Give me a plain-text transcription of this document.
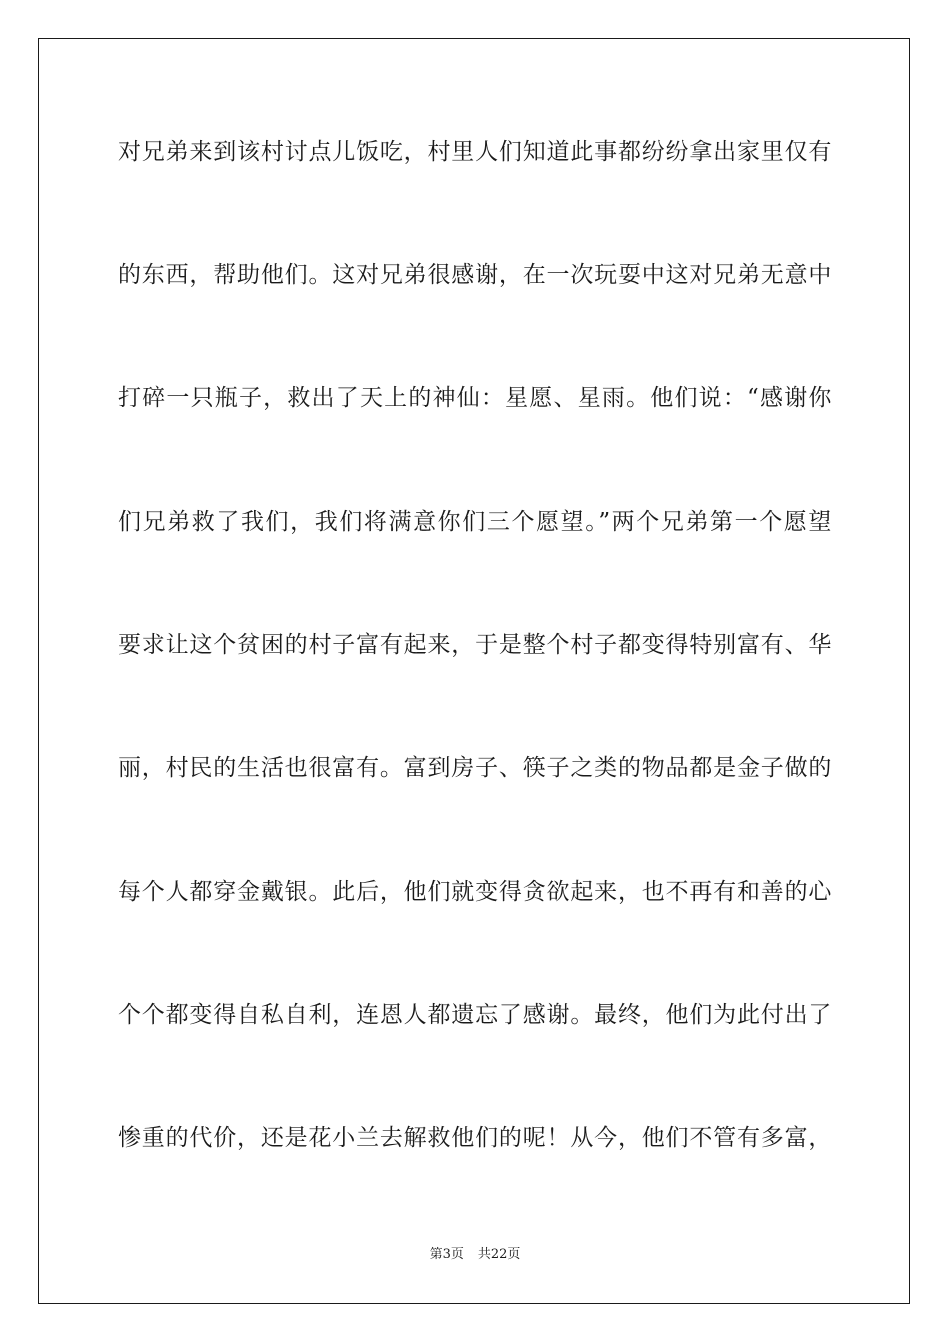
对兄弟来到该村讨点儿饭吃，村里人们知道此事都纷纷拿出家里仅有
的东西，帮助他们。这对兄弟很感谢，在一次玩耍中这对兄弟无意中
打碎一只瓶子，救出了天上的神仙：星愿、星雨。他们说：“感谢你
们兄弟救了我们，我们将满意你们三个愿望。”两个兄弟第一个愿望
要求让这个贫困的村子富有起来，于是整个村子都变得特别富有、华
丽，村民的生活也很富有。富到房子、筷子之类的物品都是金子做的
每个人都穿金戴银。此后，他们就变得贪欲起来，也不再有和善的心
个个都变得自私自利，连恩人都遗忘了感谢。最终，他们为此付出了
惨重的代价，还是花小兰去解救他们的呢！从今，他们不管有多富，
第3页 共22页
